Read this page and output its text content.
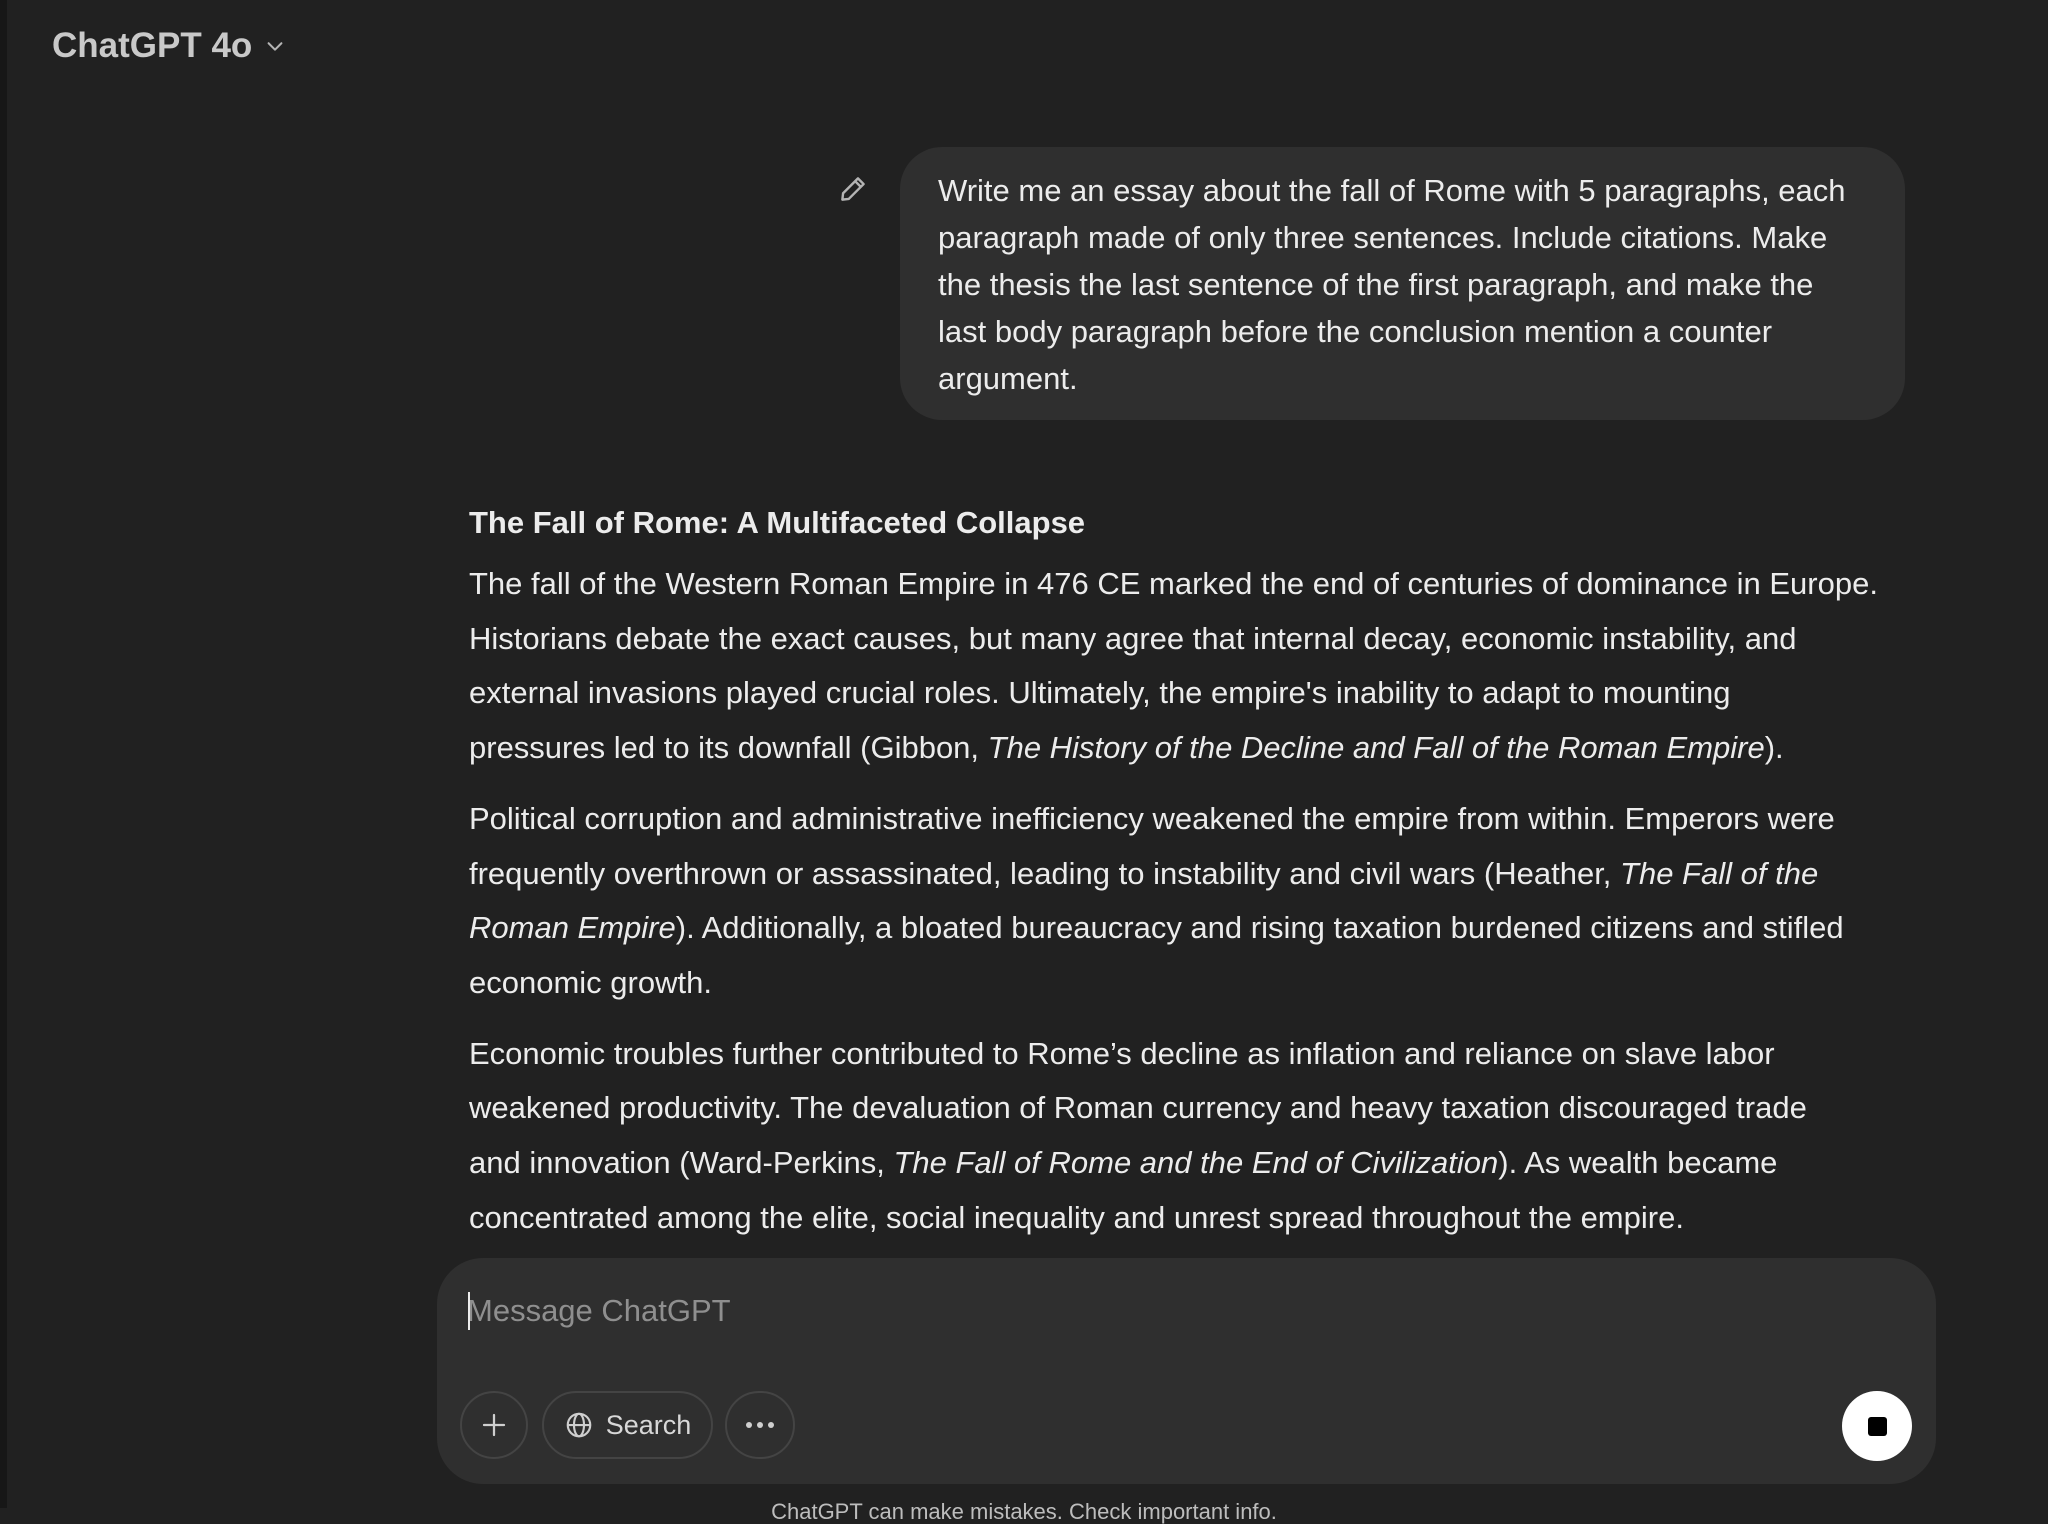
ChatGPT 4o
Write me an essay about the fall of Rome with 5 paragraphs, each paragraph made of only three sentences. Include citations. Make the thesis the last sentence of the first paragraph, and make the last body paragraph before the conclusion mention a counter argument.
The Fall of Rome: A Multifaceted Collapse
The fall of the Western Roman Empire in 476 CE marked the end of centuries of dominance in Europe.
Historians debate the exact causes, but many agree that internal decay, economic instability, and
external invasions played crucial roles. Ultimately, the empire's inability to adapt to mounting
pressures led to its downfall (Gibbon, The History of the Decline and Fall of the Roman Empire).
Political corruption and administrative inefficiency weakened the empire from within. Emperors were
frequently overthrown or assassinated, leading to instability and civil wars (Heather, The Fall of the
Roman Empire). Additionally, a bloated bureaucracy and rising taxation burdened citizens and stifled
economic growth.
Economic troubles further contributed to Rome’s decline as inflation and reliance on slave labor
weakened productivity. The devaluation of Roman currency and heavy taxation discouraged trade
and innovation (Ward-Perkins, The Fall of Rome and the End of Civilization). As wealth became
concentrated among the elite, social inequality and unrest spread throughout the empire.
Message ChatGPT
Search
ChatGPT can make mistakes. Check important info.
